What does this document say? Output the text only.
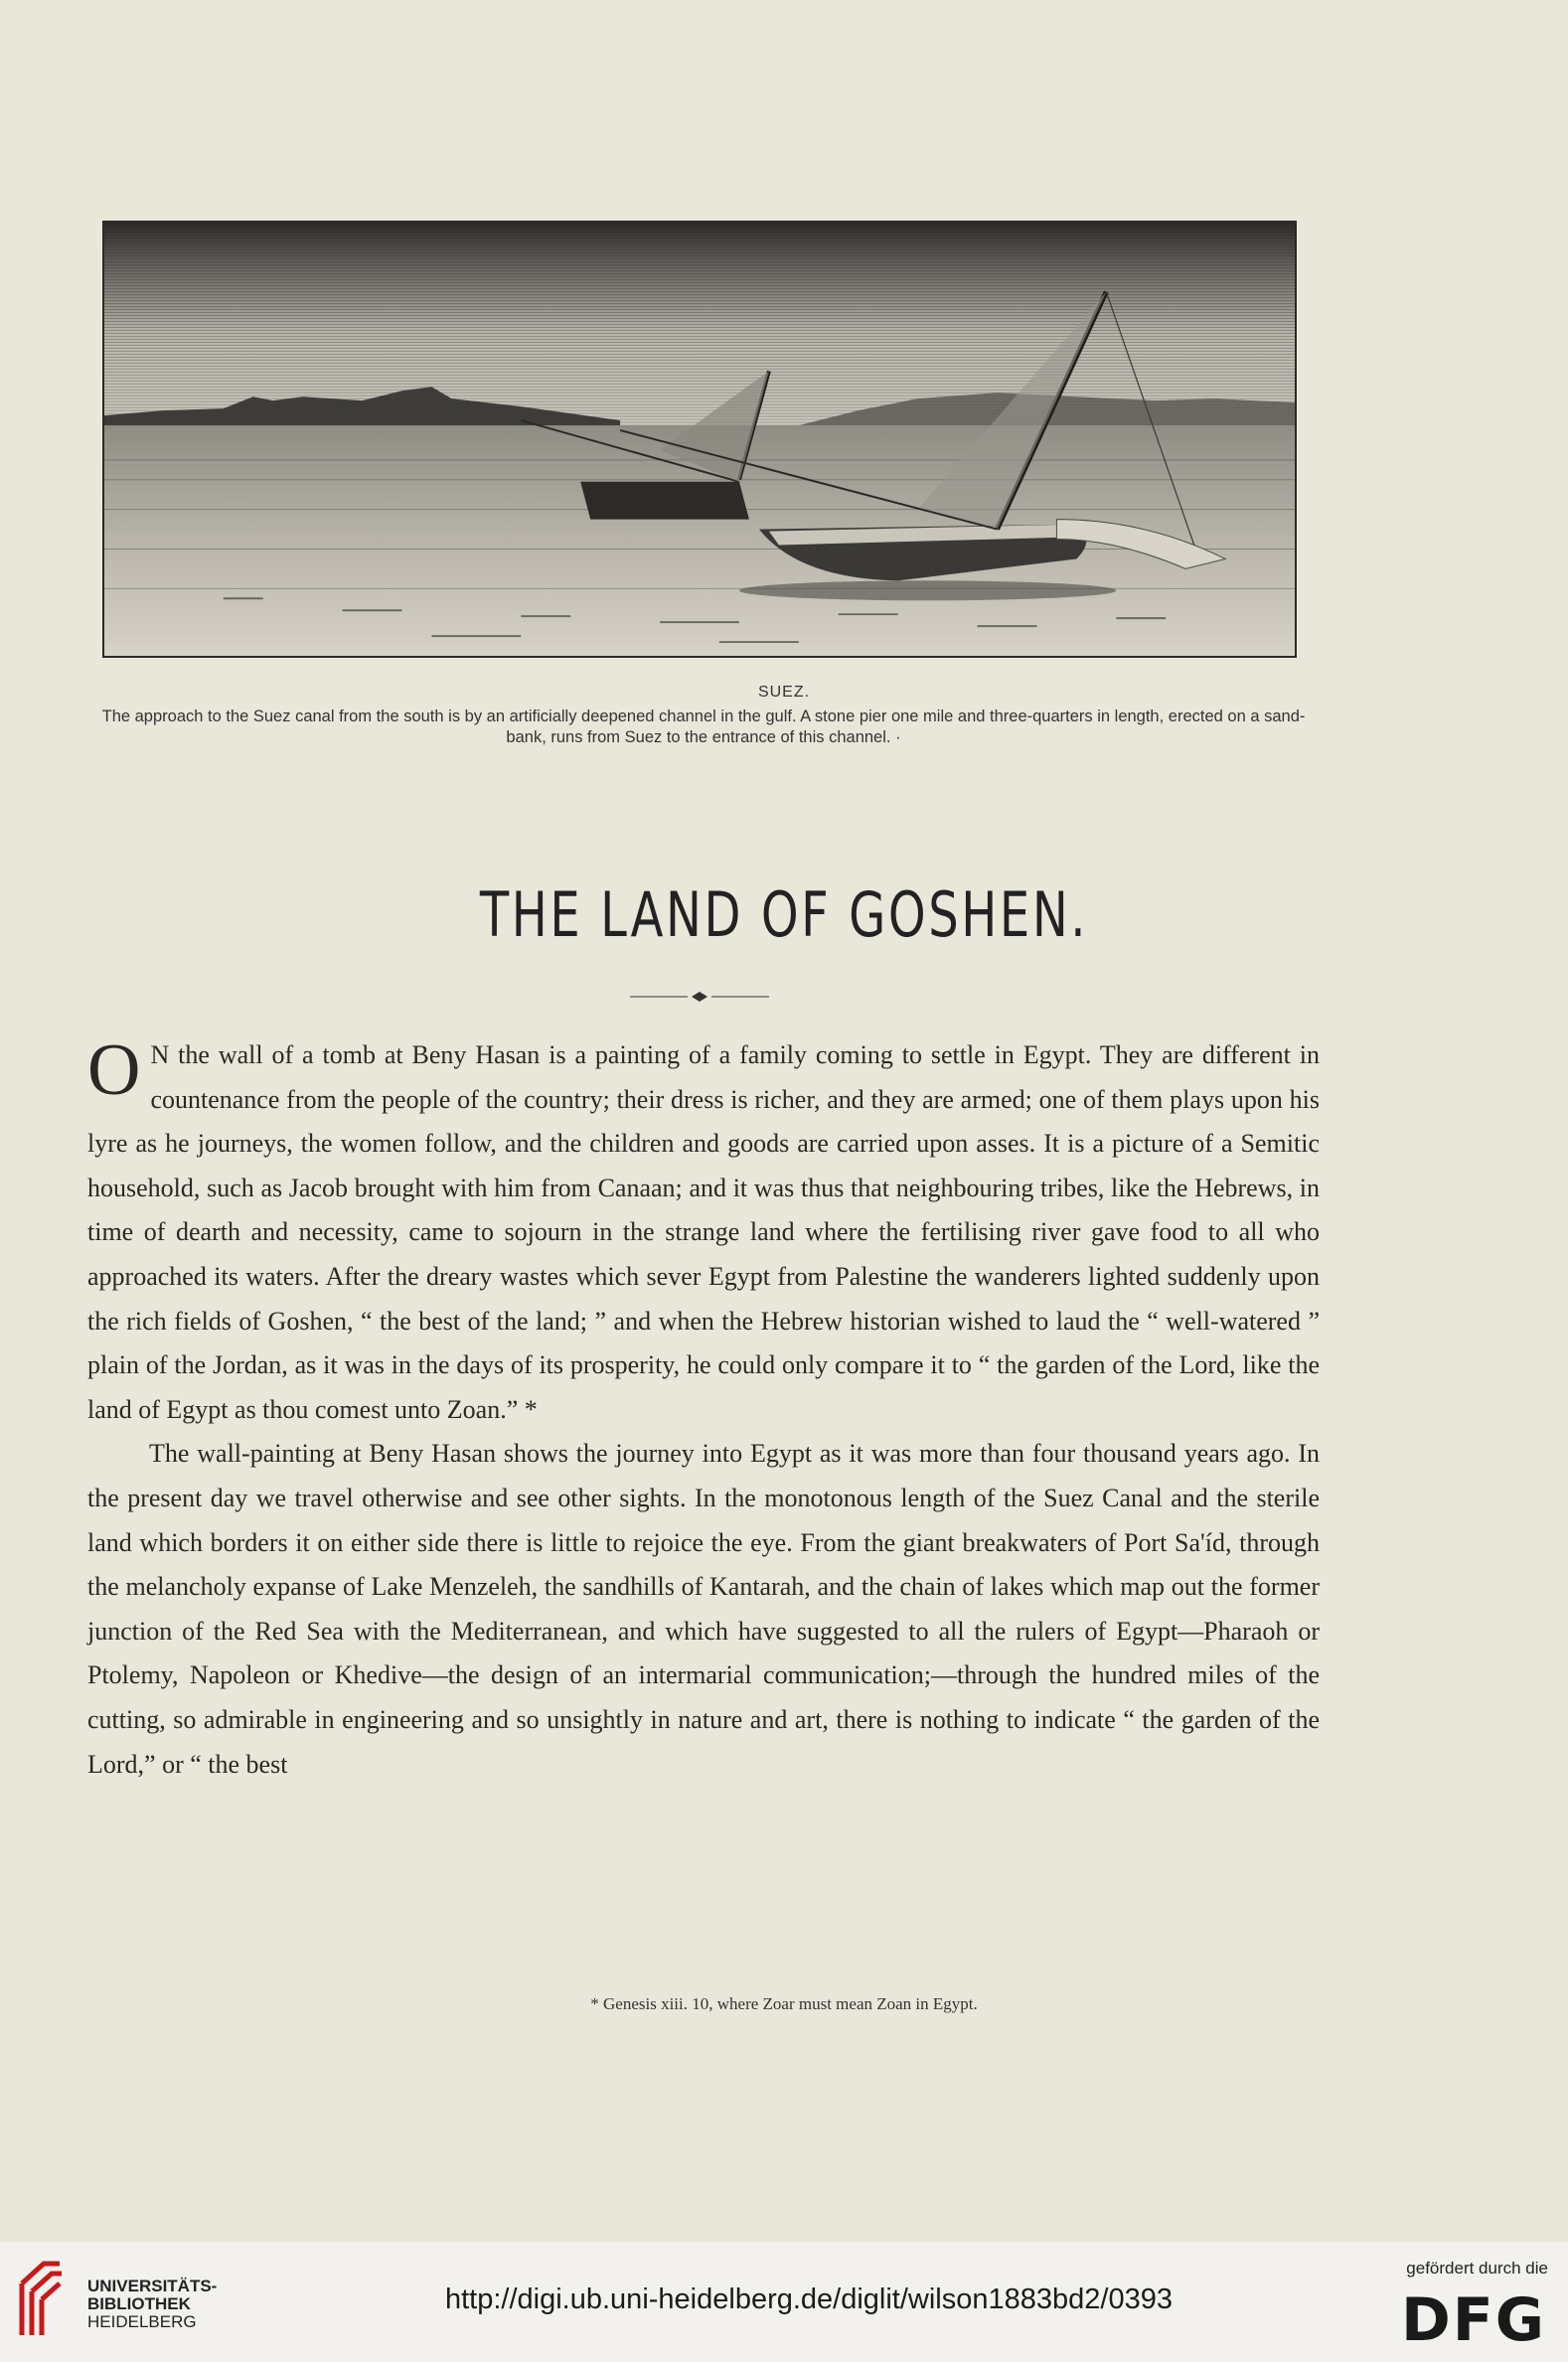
SUEZ.
The approach to the Suez canal from the south is by an artificially deepened channel in the gulf. A stone pier one mile and three-quarters in length, erected on a sand-bank, runs from Suez to the entrance of this channel. ·
THE LAND OF GOSHEN.

O N the wall of a tomb at Beny Hasan is a painting of a family coming to settle in Egypt. They are different in countenance from the people of the country; their dress is richer, and they are armed; one of them plays upon his lyre as he journeys, the women follow, and the children and goods are carried upon asses. It is a picture of a Semitic household, such as Jacob brought with him from Canaan; and it was thus that neighbouring tribes, like the Hebrews, in time of dearth and necessity, came to sojourn in the strange land where the fertilising river gave food to all who approached its waters. After the dreary wastes which sever Egypt from Palestine the wanderers lighted suddenly upon the rich fields of Goshen, “ the best of the land; ” and when the Hebrew historian wished to laud the “ well-watered ” plain of the Jordan, as it was in the days of its prosperity, he could only compare it to “ the garden of the Lord, like the land of Egypt as thou comest unto Zoan.” *

The wall-painting at Beny Hasan shows the journey into Egypt as it was more than four thousand years ago. In the present day we travel otherwise and see other sights. In the monotonous length of the Suez Canal and the sterile land which borders it on either side there is little to rejoice the eye. From the giant breakwaters of Port Sa'íd, through the melancholy expanse of Lake Menzeleh, the sandhills of Kantarah, and the chain of lakes which map out the former junction of the Red Sea with the Mediterranean, and which have suggested to all the rulers of Egypt—Pharaoh or Ptolemy, Napoleon or Khedive—the design of an intermarial communication;—through the hundred miles of the cutting, so admirable in engineering and so unsightly in nature and art, there is nothing to indicate “ the garden of the Lord,” or “ the best

* Genesis xiii. 10, where Zoar must mean Zoan in Egypt.
UNIVERSITÄTS-
BIBLIOTHEK
HEIDELBERG
http://digi.ub.uni-heidelberg.de/diglit/wilson1883bd2/0393
gefördert durch die
DFG
